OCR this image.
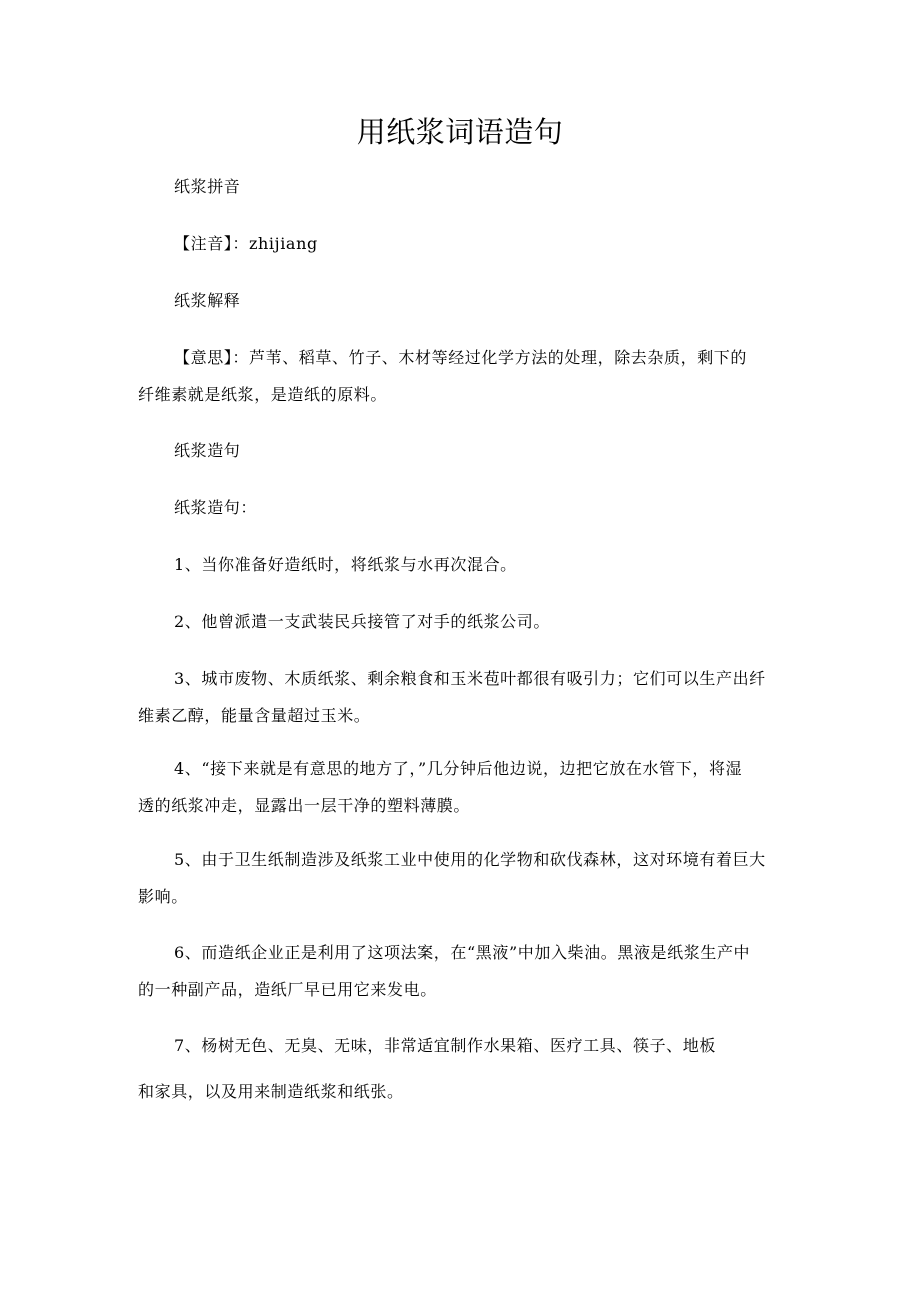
用纸浆词语造句

纸浆拼音

【注音】：zhijiang

纸浆解释

【意思】：芦苇、稻草、竹子、木材等经过化学方法的处理，除去杂质，剩下的
纤维素就是纸浆，是造纸的原料。

纸浆造句

纸浆造句：

1、当你准备好造纸时，将纸浆与水再次混合。

2、他曾派遣一支武装民兵接管了对手的纸浆公司。

3、城市废物、木质纸浆、剩余粮食和玉米苞叶都很有吸引力；它们可以生产出纤
维素乙醇，能量含量超过玉米。

4、“接下来就是有意思的地方了，”几分钟后他边说，边把它放在水管下，将湿
透的纸浆冲走，显露出一层干净的塑料薄膜。

5、由于卫生纸制造涉及纸浆工业中使用的化学物和砍伐森林，这对环境有着巨大
影响。

6、而造纸企业正是利用了这项法案，在“黑液”中加入柴油。黑液是纸浆生产中
的一种副产品，造纸厂早已用它来发电。

7、杨树无色、无臭、无味，非常适宜制作水果箱、医疗工具、筷子、地板
和家具，以及用来制造纸浆和纸张。
